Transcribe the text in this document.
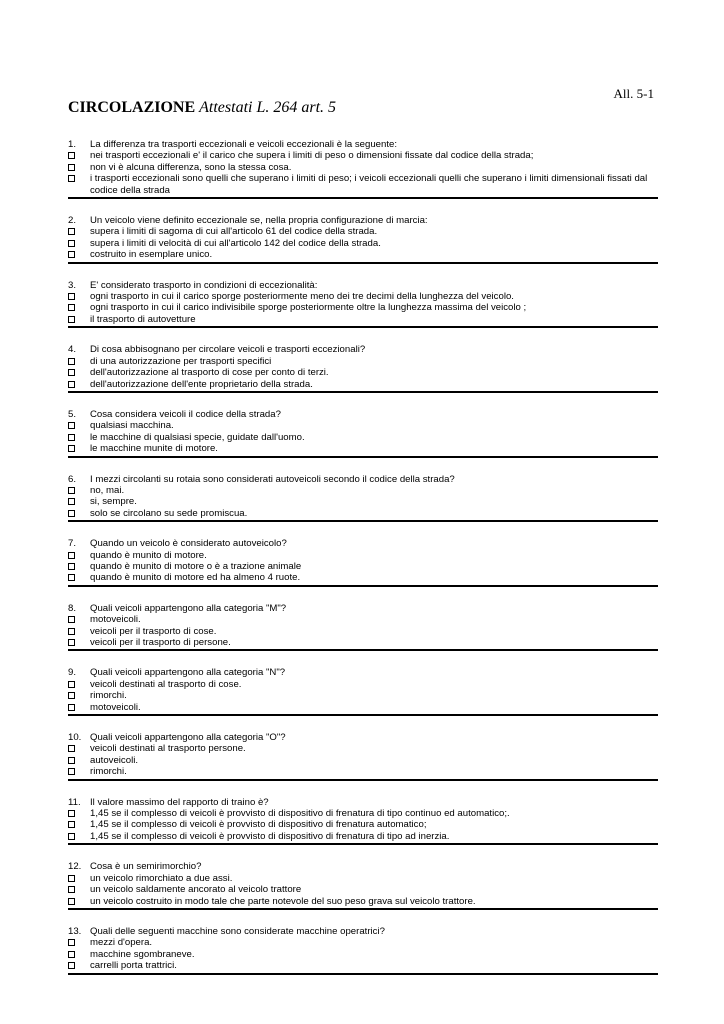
All. 5-1
CIRCOLAZIONE Attestati L. 264 art. 5
1.	La differenza tra trasporti eccezionali e veicoli eccezionali è la seguente:
nei trasporti eccezionali e' il carico che supera i limiti di peso o dimensioni fissate dal codice della strada;
non vi è alcuna differenza, sono la stessa cosa.
i trasporti eccezionali sono quelli che superano i limiti di peso; i veicoli eccezionali quelli che superano i limiti dimensionali fissati dal codice della strada
2.	Un veicolo viene definito eccezionale se, nella propria configurazione di marcia:
supera i limiti di sagoma di cui all'articolo 61 del codice della strada.
supera i limiti di velocità di cui all'articolo 142 del codice della strada.
costruito in esemplare unico.
3.	E' considerato trasporto in condizioni di eccezionalità:
ogni trasporto in cui il carico sporge posteriormente meno dei tre decimi della lunghezza del veicolo.
ogni trasporto in cui il carico indivisibile sporge posteriormente oltre la lunghezza massima del veicolo ;
il trasporto di autovetture
4.	Di cosa abbisognano per circolare veicoli e trasporti eccezionali?
di una autorizzazione per trasporti specifici
dell'autorizzazione al trasporto di cose per conto di terzi.
dell'autorizzazione dell'ente proprietario della strada.
5.	Cosa considera veicoli il codice della strada?
qualsiasi macchina.
le macchine di qualsiasi specie, guidate dall'uomo.
le macchine munite di motore.
6.	I mezzi circolanti su rotaia sono considerati autoveicoli secondo il codice della strada?
no, mai.
si, sempre.
solo se circolano su sede promiscua.
7.	Quando un veicolo è considerato autoveicolo?
quando è munito di motore.
quando è munito di motore o è a trazione animale
quando è munito di motore ed ha almeno 4 ruote.
8.	Quali veicoli appartengono alla categoria "M"?
motoveicoli.
veicoli per il trasporto di cose.
veicoli per il trasporto di persone.
9.	Quali veicoli appartengono alla categoria "N"?
veicoli destinati al trasporto di cose.
rimorchi.
motoveicoli.
10. Quali veicoli appartengono alla categoria "O"?
veicoli destinati al trasporto persone.
autoveicoli.
rimorchi.
11. Il valore massimo del rapporto di traino è?
1,45 se il complesso di veicoli è provvisto di dispositivo di frenatura di tipo continuo ed automatico;.
1,45 se il complesso di veicoli è provvisto di dispositivo di frenatura automatico;
1,45 se il complesso di veicoli è provvisto di dispositivo di frenatura di tipo ad inerzia.
12. Cosa è un semirimorchio?
un veicolo rimorchiato a due assi.
un veicolo saldamente ancorato al veicolo trattore
un veicolo costruito in modo tale che parte notevole del suo peso grava sul veicolo trattore.
13. Quali delle seguenti macchine sono considerate macchine operatrici?
mezzi d'opera.
macchine sgombraneve.
carrelli porta trattrici.
